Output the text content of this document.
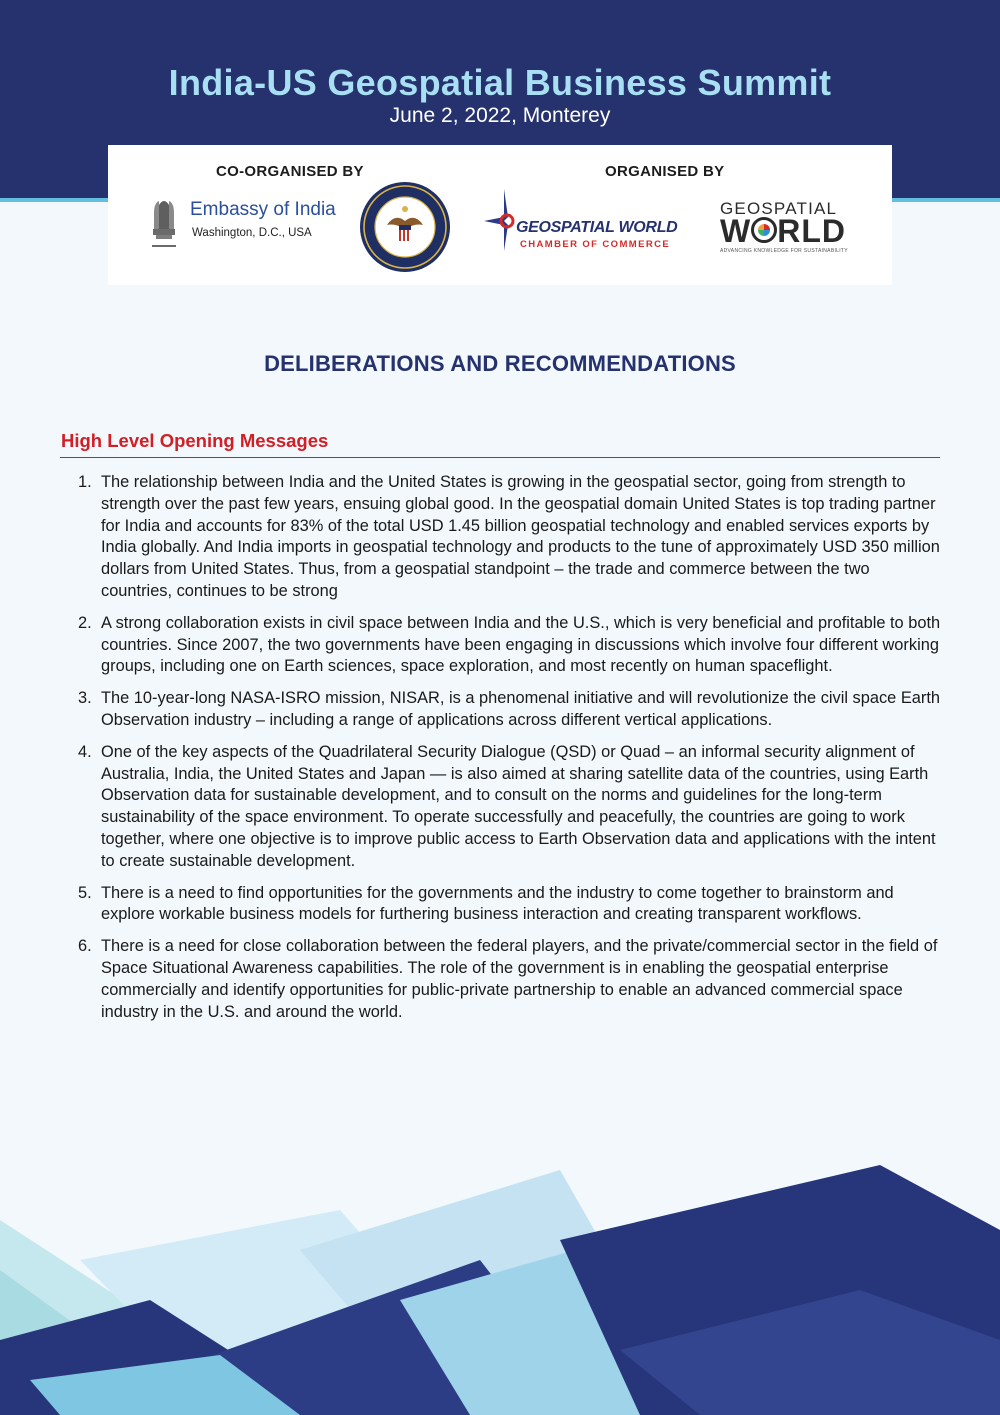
India-US Geospatial Business Summit
June 2, 2022, Monterey
CO-ORGANISED BY	ORGANISED BY
Embassy of India
Washington, D.C., USA	GEOSPATIAL WORLD
CHAMBER OF COMMERCE
GEOSPATIAL
W RLD
ADVANCING KNOWLEDGE FOR SUSTAINABILITY
DELIBERATIONS AND RECOMMENDATIONS
High Level Opening Messages
1. The relationship between India and the United States is growing in the geospatial sector, going from strength to strength over the past few years, ensuing global good. In the geospatial domain United States is top trading partner for India and accounts for 83% of the total USD 1.45 billion geospatial technology and enabled services exports by India globally. And India imports in geospatial technology and products to the tune of approximately USD 350 million dollars from United States. Thus, from a geospatial standpoint – the trade and commerce between the two countries, continues to be strong
2. A strong collaboration exists in civil space between India and the U.S., which is very beneficial and profitable to both countries. Since 2007, the two governments have been engaging in discussions which involve four different working groups, including one on Earth sciences, space exploration, and most recently on human spaceflight.
3. The 10-year-long NASA-ISRO mission, NISAR, is a phenomenal initiative and will revolutionize the civil space Earth Observation industry – including a range of applications across different vertical applications.
4. One of the key aspects of the Quadrilateral Security Dialogue (QSD) or Quad – an informal security alignment of Australia, India, the United States and Japan — is also aimed at sharing satellite data of the countries, using Earth Observation data for sustainable development, and to consult on the norms and guidelines for the long-term sustainability of the space environment. To operate successfully and peacefully, the countries are going to work together, where one objective is to improve public access to Earth Observation data and applications with the intent to create sustainable development.
5. There is a need to find opportunities for the governments and the industry to come together to brainstorm and explore workable business models for furthering business interaction and creating transparent workflows.
6. There is a need for close collaboration between the federal players, and the private/commercial sector in the field of Space Situational Awareness capabilities. The role of the government is in enabling the geospatial enterprise commercially and identify opportunities for public-private partnership to enable an advanced commercial space industry in the U.S. and around the world.
